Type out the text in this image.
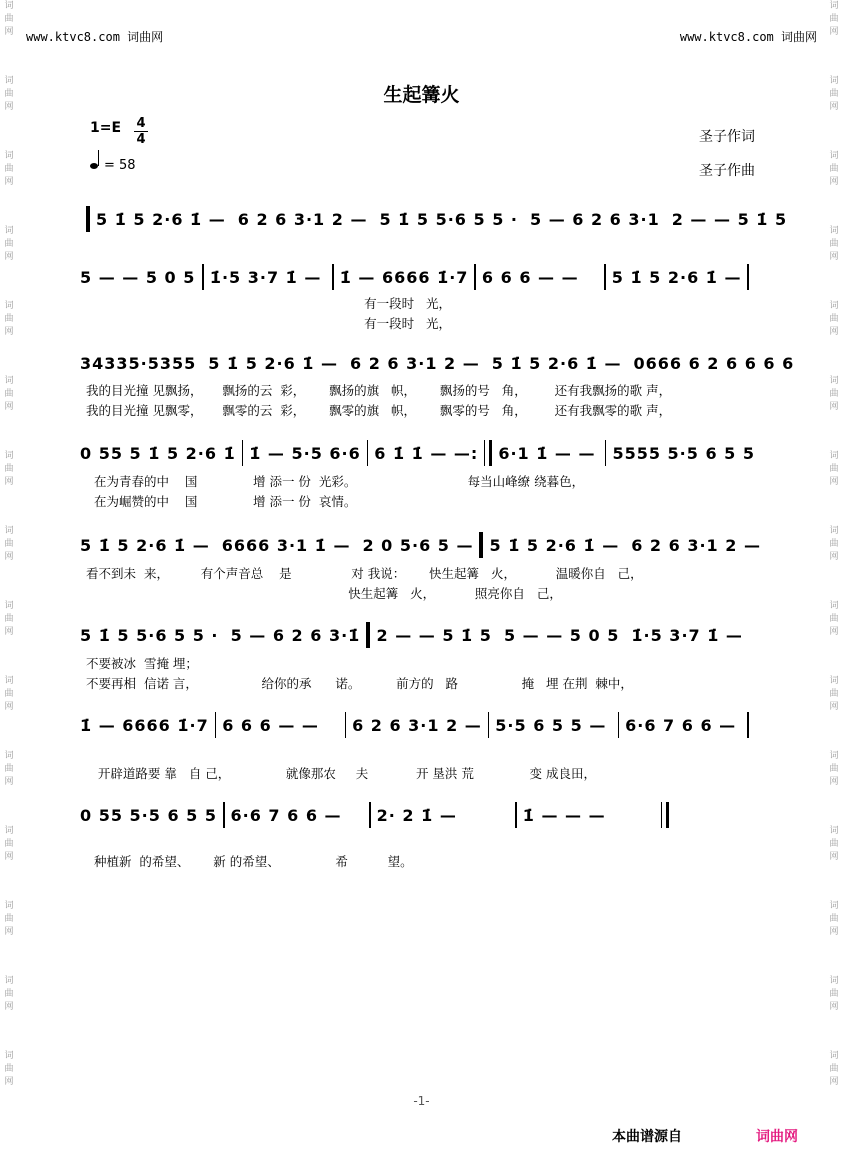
词
曲
网
词
曲
网
词
曲
网
词
曲
网
词
曲
网
词
曲
网
词
曲
网
词
曲
网
词
曲
网
词
曲
网
词
曲
网
词
曲
网
词
曲
网
词
曲
网
词
曲
网
词
曲
网
词
曲
网
词
曲
网
词
曲
网
词
曲
网
词
曲
网
词
曲
网
词
曲
网
词
曲
网
词
曲
网
词
曲
网
词
曲
网
词
曲
网
词
曲
网
词
曲
网
www.ktvc8.com 词曲网	www.ktvc8.com 词曲网
生起篝火
1=E 4
4
= 58
圣子作词
圣子作曲
5 1̇ 5 2·6 1̇ — 6 2 6 3·1 2 — 5 1̇ 5 5·6 5 5 · 5 — 6 2 6 3·1 2 — — 5 1̇ 5
5 — — 5 0 5 1̇·5 3·7 1̇ —	1̇ — 6666 1̇·7 6 6 6 — —	5 1̇ 5 2·6 1̇ —
有一段时   光，
有一段时   光，
34335·5355 5 1̇ 5 2·6 1̇ — 6 2 6 3·1 2 — 5 1̇ 5 2·6 1̇ — 0666 6 2 6 6 6 6
我的目光撞 见飘扬，     飘扬的云  彩，      飘扬的旗   帜，      飘扬的号   角，       还有我飘扬的歌 声，
我的目光撞 见飘零，     飘零的云  彩，      飘零的旗   帜，      飘零的号   角，       还有我飘零的歌 声，
0 55 5 1̇ 5 2·6 1̇ 1̇ — 5·5 6·6 6 1̇ 1̇ — —: 6·1 1̇ — — 5555 5·5 6 5 5
在为青春的中    国              增 添一 份  光彩。                            每当山峰缭 绕暮色，
在为崛赞的中    国              增 添一 份  哀情。
5 1̇ 5 2·6 1̇ — 6666 3·1 1̇ — 2 0 5·6 5 — 5 1̇ 5 2·6 1̇ — 6 2 6 3·1 2 —
看不到未  来，        有个声音总    是               对 我说：      快生起篝   火，          温暖你自   己，
快生起篝   火，          照亮你自   己，
5 1̇ 5 5·6 5 5 · 5 — 6 2 6 3·1̇ 2 — — 5 1̇ 5 5 — — 5 0 5 1̇·5 3·7 1̇ —
不要被冰  雪掩 埋；
不要再相  信诺 言，                给你的承      诺。         前方的   路                掩   埋 在荆  棘中，
1̇ — 6666 1̇·7 6 6 6 — —	6 2 6 3·1 2 — 5·5 6 5 5 —	6·6 7 6 6 —
开辟道路要 靠   自 己，              就像那农     夫            开 垦洪 荒              变 成良田，
0 55 5·5 6 5 5 6·6 7 6 6 —	2· 2 1̇ —	1̇ — — —
种植新  的希望、      新 的希望、              希          望。
-1-
本曲谱源自	词曲网
